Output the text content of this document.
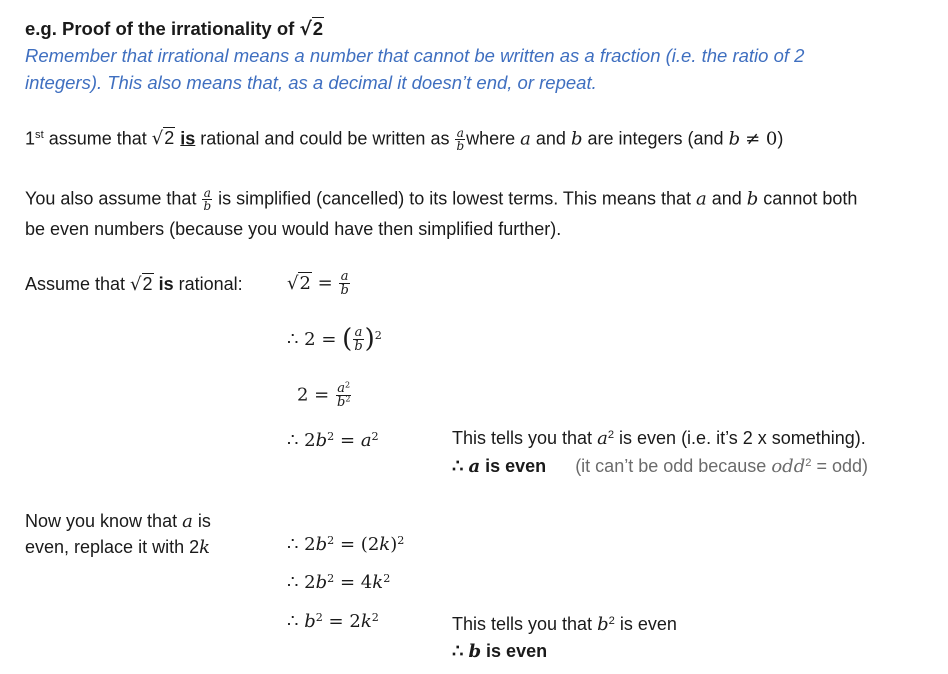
e.g. Proof of the irrationality of √2
Remember that irrational means a number that cannot be written as a fraction (i.e. the ratio of 2
integers). This also means that, as a decimal it doesn’t end, or repeat.
1st assume that √2 is rational and could be written as $\frac{a}{b}$ where a and b are integers (and b ≠ 0)
You also assume that $\frac{a}{b}$ is simplified (cancelled) to its lowest terms. This means that a and b cannot both
be even numbers (because you would have then simplified further).
Assume that √2 is rational: $√2 = \frac{a}{b}$
∴ 2 = ( $\frac{a}{b} )^2$
$2 = \frac{a^2}{b^2}$
∴ $2b^2 = a^2$	This tells you that $a^2$ is even (i.e. it’s 2 x something).
∴ a is even (it can’t be odd because odd$^2$ = odd)
Now you know that a is
even, replace it with 2k	∴ $2b^2 = (2k)^2$
∴ $2b^2 = 4k^2$
∴ $b^2 = 2k^2$	This tells you that $b^2$ is even
∴ b is even
